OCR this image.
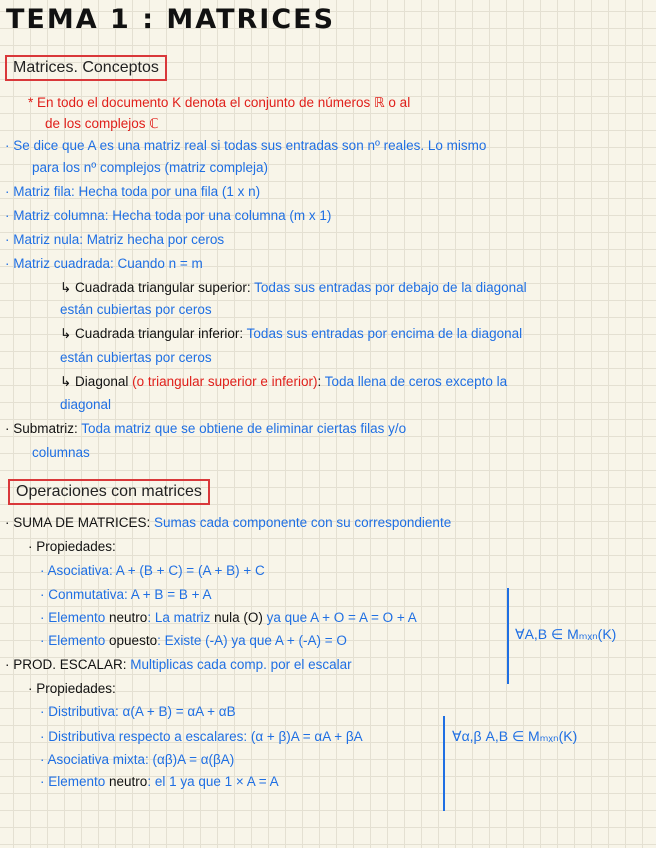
TEMA 1 : MATRICES
Matrices. Conceptos
Operaciones con matrices
* En todo el documento K denota el conjunto de números ℝ o al
de los complejos ℂ
· Se dice que A es una matriz real si todas sus entradas son nº reales. Lo mismo
para los nº complejos (matriz compleja)
· Matriz fila: Hecha toda por una fila (1 x n)
· Matriz columna: Hecha toda por una columna (m x 1)
· Matriz nula: Matriz hecha por ceros
· Matriz cuadrada: Cuando n = m
↳ Cuadrada triangular superior: Todas sus entradas por debajo de la diagonal
están cubiertas por ceros
↳ Cuadrada triangular inferior: Todas sus entradas por encima de la diagonal
están cubiertas por ceros
↳ Diagonal (o triangular superior e inferior): Toda llena de ceros excepto la
diagonal
· Submatriz: Toda matriz que se obtiene de eliminar ciertas filas y/o
columnas
· SUMA DE MATRICES: Sumas cada componente con su correspondiente
· Propiedades:
· Asociativa: A + (B + C) = (A + B) + C
· Conmutativa: A + B = B + A
· Elemento neutro: La matriz nula (O) ya que A + O = A = O + A
· Elemento opuesto: Existe (-A) ya que A + (-A) = O
· PROD. ESCALAR: Multiplicas cada comp. por el escalar
· Propiedades:
· Distributiva: α(A + B) = αA + αB
· Distributiva respecto a escalares: (α + β)A = αA + βA
· Asociativa mixta: (αβ)A = α(βA)
· Elemento neutro: el 1 ya que 1 × A = A
∀A,B ∈ Mₘₓₙ(K)
∀α,β A,B ∈ Mₘₓₙ(K)
